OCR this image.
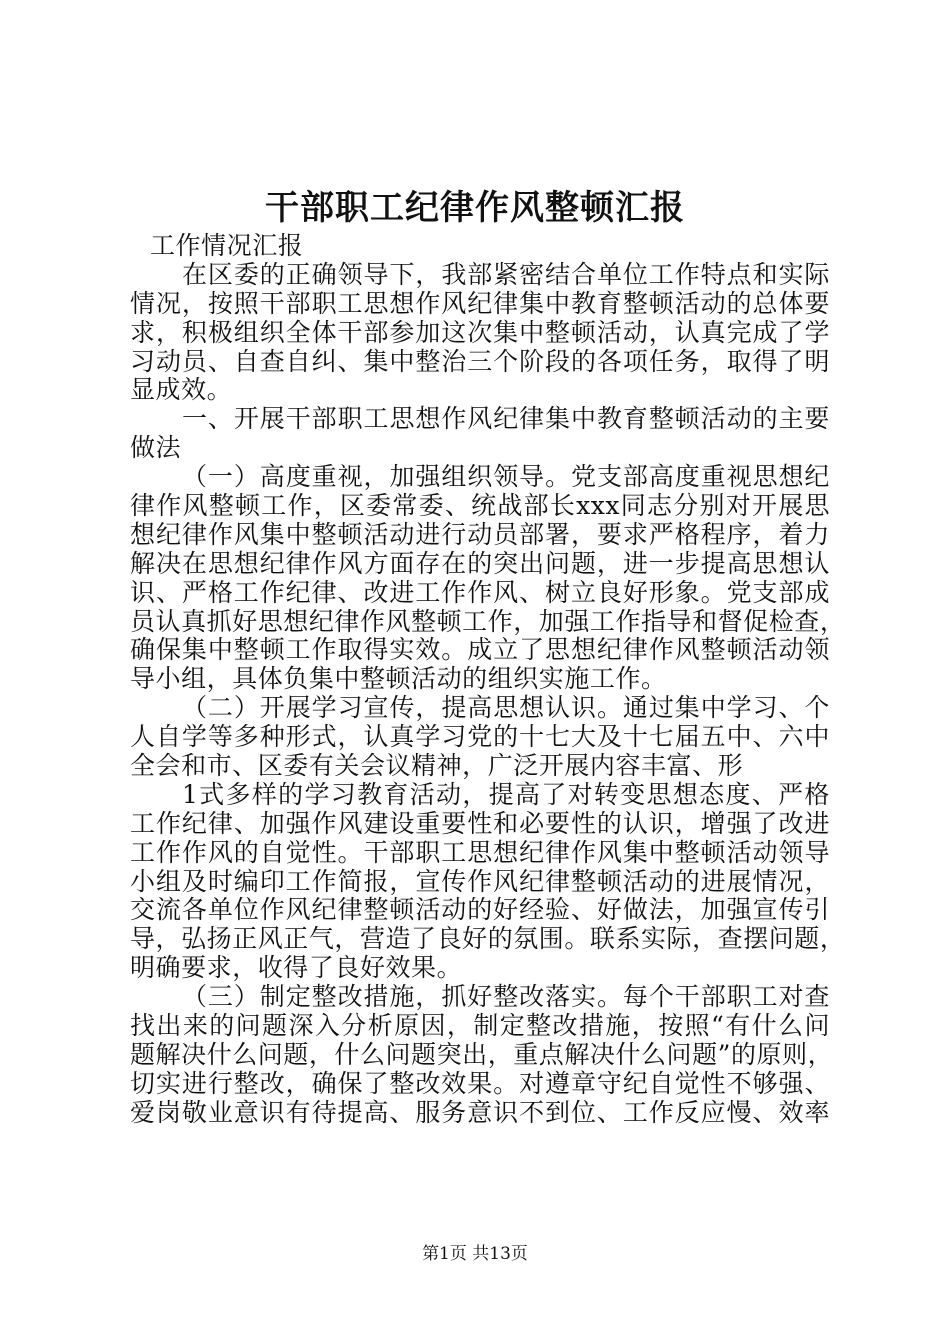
干部职工纪律作风整顿汇报
工作情况汇报
在区委的正确领导下，我部紧密结合单位工作特点和实际
情况，按照干部职工思想作风纪律集中教育整顿活动的总体要
求，积极组织全体干部参加这次集中整顿活动，认真完成了学
习动员、自查自纠、集中整治三个阶段的各项任务，取得了明
显成效。
一、开展干部职工思想作风纪律集中教育整顿活动的主要
做法
（一）高度重视，加强组织领导。党支部高度重视思想纪
律作风整顿工作，区委常委、统战部长xxx同志分别对开展思
想纪律作风集中整顿活动进行动员部署，要求严格程序，着力
解决在思想纪律作风方面存在的突出问题，进一步提高思想认
识、严格工作纪律、改进工作作风、树立良好形象。党支部成
员认真抓好思想纪律作风整顿工作，加强工作指导和督促检查，
确保集中整顿工作取得实效。成立了思想纪律作风整顿活动领
导小组，具体负集中整顿活动的组织实施工作。
（二）开展学习宣传，提高思想认识。通过集中学习、个
人自学等多种形式，认真学习党的十七大及十七届五中、六中
全会和市、区委有关会议精神，广泛开展内容丰富、形
1式多样的学习教育活动，提高了对转变思想态度、严格
工作纪律、加强作风建设重要性和必要性的认识，增强了改进
工作作风的自觉性。干部职工思想纪律作风集中整顿活动领导
小组及时编印工作简报，宣传作风纪律整顿活动的进展情况，
交流各单位作风纪律整顿活动的好经验、好做法，加强宣传引
导，弘扬正风正气，营造了良好的氛围。联系实际，查摆问题，
明确要求，收得了良好效果。
（三）制定整改措施，抓好整改落实。每个干部职工对查
找出来的问题深入分析原因，制定整改措施，按照“有什么问
题解决什么问题，什么问题突出，重点解决什么问题”的原则，
切实进行整改，确保了整改效果。对遵章守纪自觉性不够强、
爱岗敬业意识有待提高、服务意识不到位、工作反应慢、效率
第1页 共13页
